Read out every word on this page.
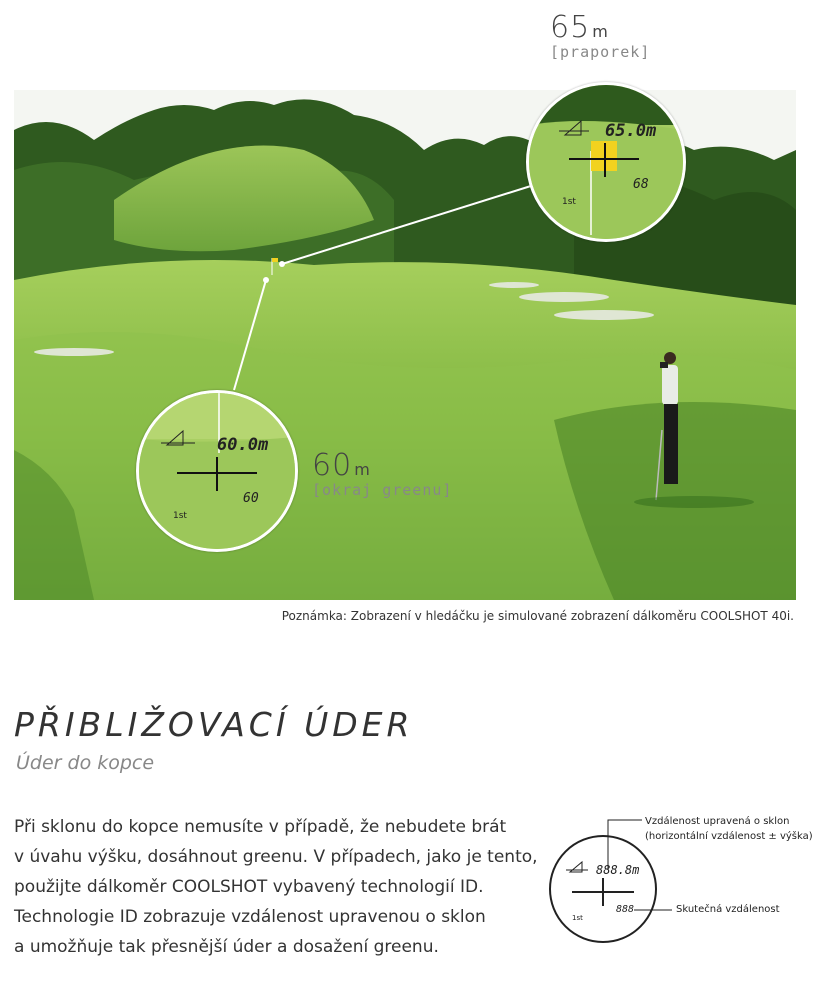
65.0m
68
1st
60.0m
60
1st
65 m
[praporek]
60 m
[okraj greenu]
Poznámka: Zobrazení v hledáčku je simulované zobrazení dálkoměru COOLSHOT 40i.
PŘIBLIŽOVACÍ ÚDER
Úder do kopce
Při sklonu do kopce nemusíte v případě, že nebudete brát
v úvahu výšku, dosáhnout greenu. V případech, jako je tento,
použijte dálkoměr COOLSHOT vybavený technologií ID.
Technologie ID zobrazuje vzdálenost upravenou o sklon
a umožňuje tak přesnější úder a dosažení greenu.
888.8m
888
1st
Vzdálenost upravená o sklon
(horizontální vzdálenost ± výška)
Skutečná vzdálenost
